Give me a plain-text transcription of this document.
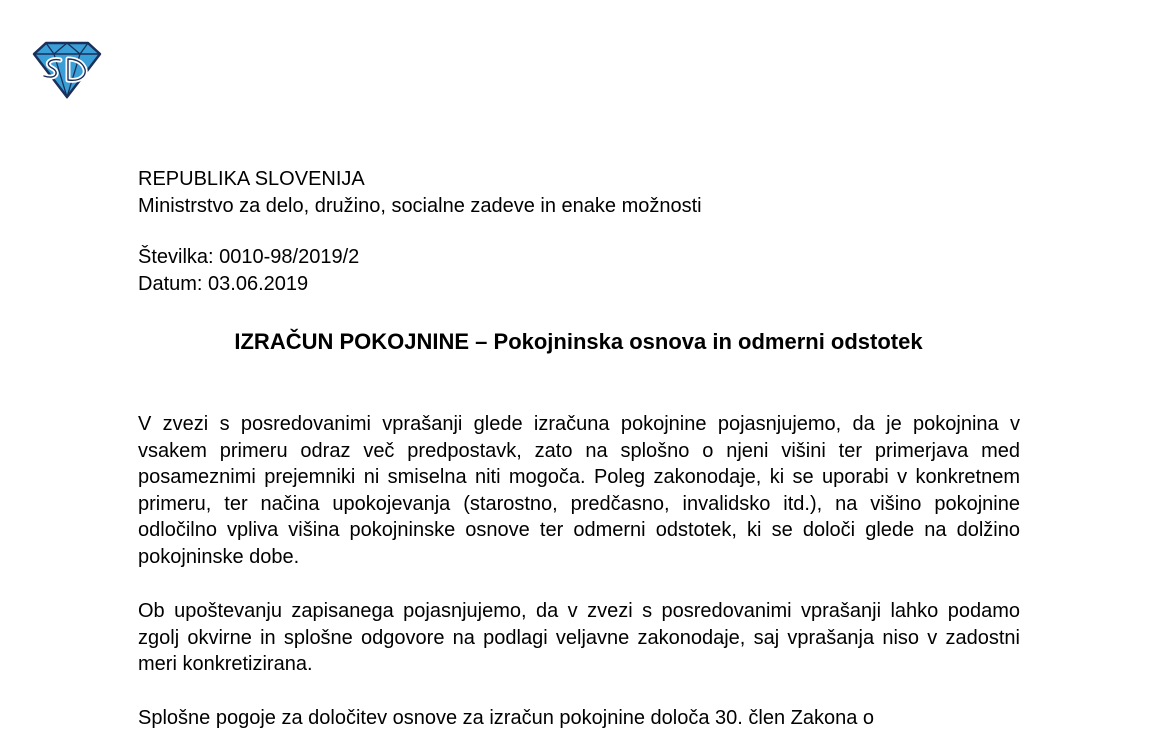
REPUBLIKA SLOVENIJA
Ministrstvo za delo, družino, socialne zadeve in enake možnosti
Številka: 0010-98/2019/2
Datum: 03.06.2019
IZRAČUN POKOJNINE – Pokojninska osnova in odmerni odstotek

V zvezi s posredovanimi vprašanji glede izračuna pokojnine pojasnjujemo, da je pokojnina v vsakem primeru odraz več predpostavk, zato na splošno o njeni višini ter primerjava med posameznimi prejemniki ni smiselna niti mogoča. Poleg zakonodaje, ki se uporabi v konkretnem primeru, ter načina upokojevanja (starostno, predčasno, invalidsko itd.), na višino pokojnine odločilno vpliva višina pokojninske osnove ter odmerni odstotek, ki se določi glede na dolžino pokojninske dobe.

Ob upoštevanju zapisanega pojasnjujemo, da v zvezi s posredovanimi vprašanji lahko podamo zgolj okvirne in splošne odgovore na podlagi veljavne zakonodaje, saj vprašanja niso v zadostni meri konkretizirana.

Splošne pogoje za določitev osnove za izračun pokojnine določa 30. člen Zakona o
